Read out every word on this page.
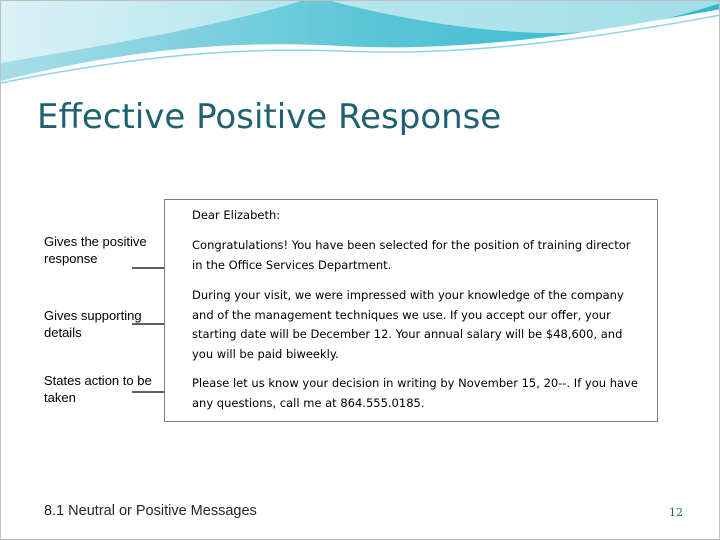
Effective Positive Response
Gives the positive response
Gives supporting details
States action to be taken

Dear Elizabeth:

Congratulations! You have been selected for the position of training director
in the Office Services Department.

During your visit, we were impressed with your knowledge of the company
and of the management techniques we use. If you accept our offer, your
starting date will be December 12. Your annual salary will be $48,600, and
you will be paid biweekly.

Please let us know your decision in writing by November 15, 20--. If you have
any questions, call me at 864.555.0185.

8.1 Neutral or Positive Messages	12
